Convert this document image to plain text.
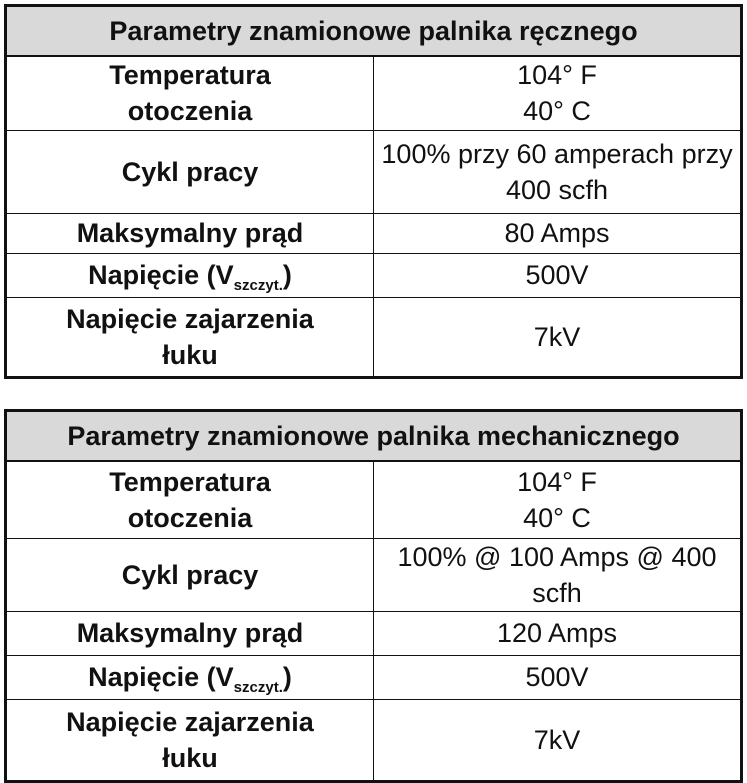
Parametry znamionowe palnika ręcznego	

Temperatura
otoczenia	104° F
40° C

Cykl pracy	100% przy 60 amperach przy
400 scfh

Maksymalny prąd	80 Amps

Napięcie $(V_{szczyt.})$	500V

Napięcie zajarzenia
łuku	7kV
Parametry znamionowe palnika mechanicznego	

Temperatura
otoczenia	104° F
40° C

Cykl pracy	100% @ 100 Amps @ 400 scfh

Maksymalny prąd	120 Amps

Napięcie $(V_{szczyt.})$	500V

Napięcie zajarzenia
łuku	7kV
